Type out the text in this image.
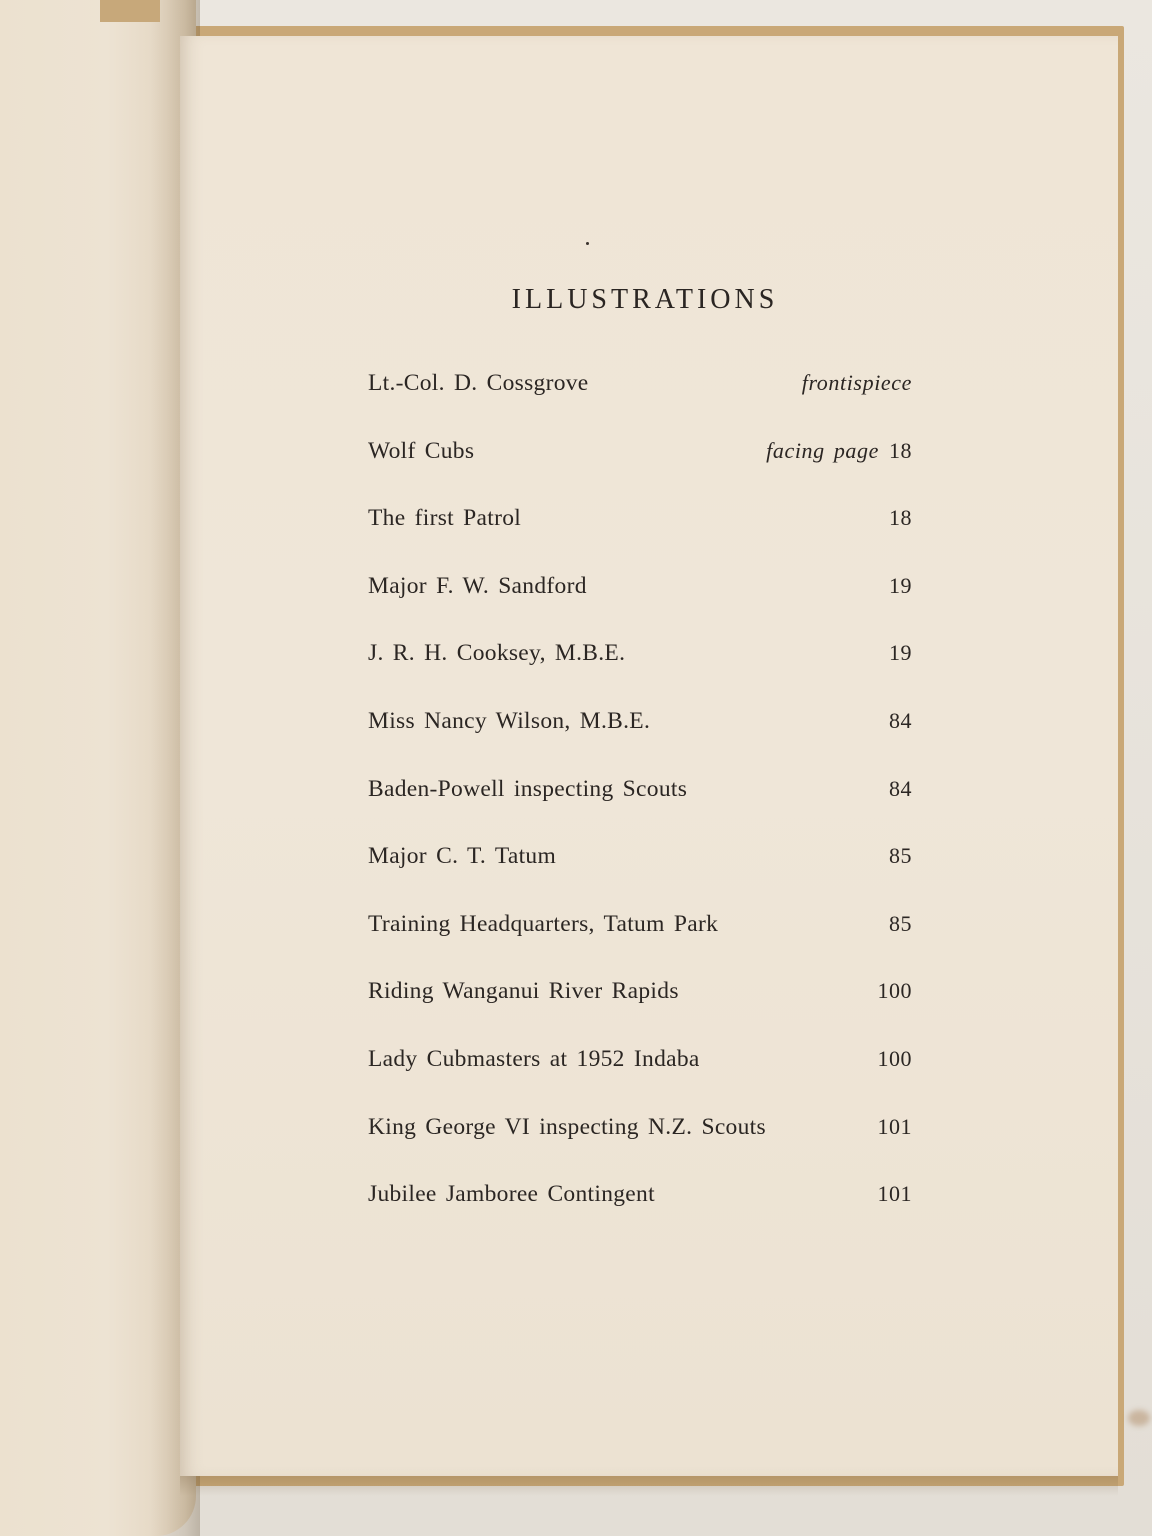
ILLUSTRATIONS
Lt.-Col. D. Cossgrove	frontispiece
Wolf Cubs	facing page 18
The first Patrol	18
Major F. W. Sandford	19
J. R. H. Cooksey, M.B.E.	19
Miss Nancy Wilson, M.B.E.	84
Baden-Powell inspecting Scouts	84
Major C. T. Tatum	85
Training Headquarters, Tatum Park	85
Riding Wanganui River Rapids	100
Lady Cubmasters at 1952 Indaba	100
King George VI inspecting N.Z. Scouts	101
Jubilee Jamboree Contingent	101
